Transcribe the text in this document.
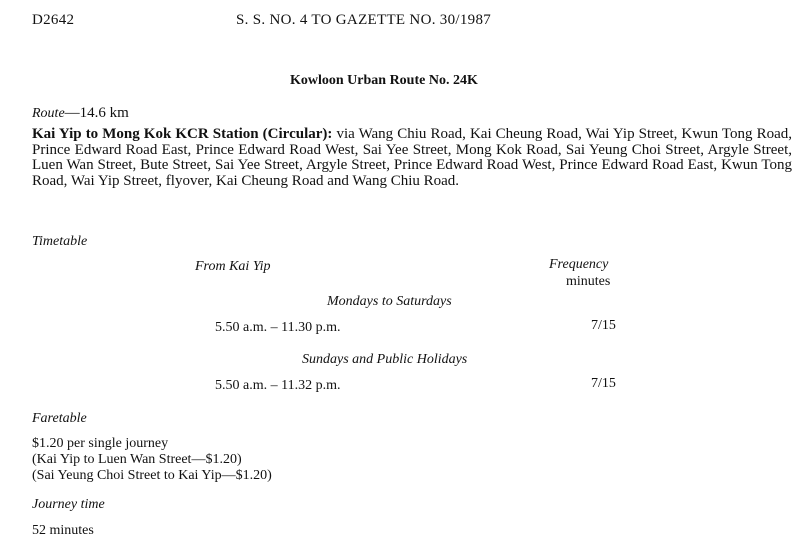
D2642	S. S. NO. 4 TO GAZETTE NO. 30/1987
Kowloon Urban Route No. 24K
Route—14.6 km
Kai Yip to Mong Kok KCR Station (Circular): via Wang Chiu Road, Kai Cheung Road, Wai Yip Street, Kwun Tong Road, Prince Edward Road East, Prince Edward Road West, Sai Yee Street, Mong Kok Road, Sai Yeung Choi Street, Argyle Street, Luen Wan Street, Bute Street, Sai Yee Street, Argyle Street, Prince Edward Road West, Prince Edward Road East, Kwun Tong Road, Wai Yip Street, flyover, Kai Cheung Road and Wang Chiu Road.
Timetable
From Kai Yip	Frequency
minutes
Mondays to Saturdays
5.50 a.m. – 11.30 p.m.	7/15
Sundays and Public Holidays
5.50 a.m. – 11.32 p.m.	7/15
Faretable
$1.20 per single journey
(Kai Yip to Luen Wan Street—$1.20)
(Sai Yeung Choi Street to Kai Yip—$1.20)
Journey time
52 minutes
